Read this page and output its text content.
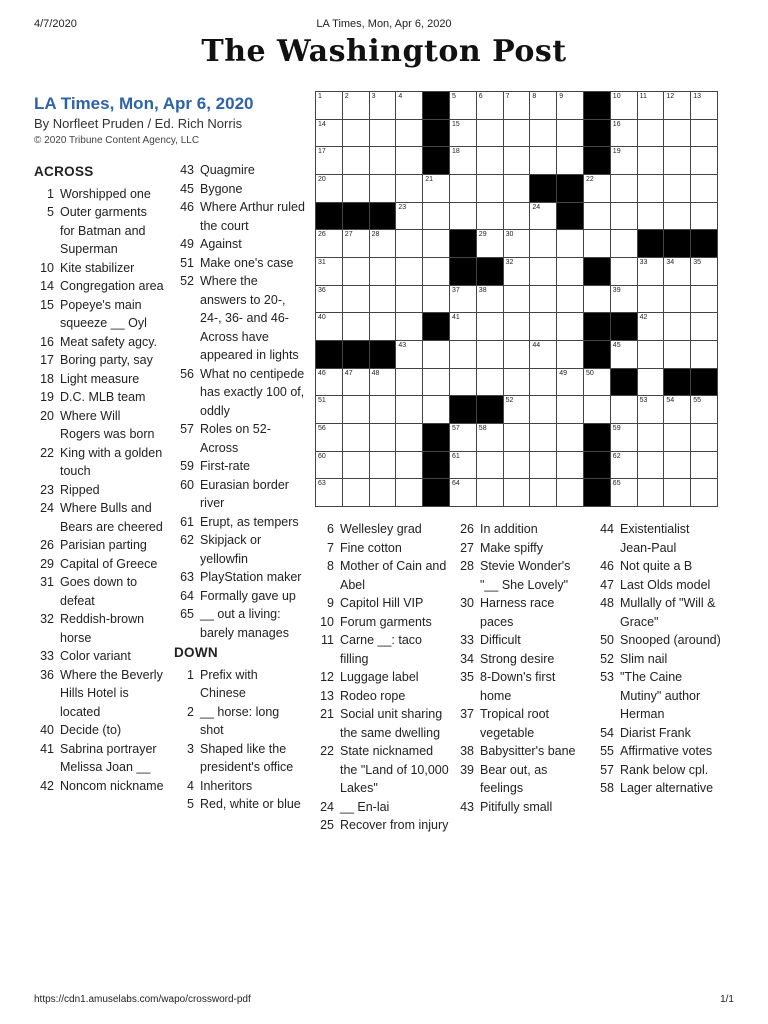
4/7/2020	LA Times, Mon, Apr 6, 2020
The Washington Post
LA Times, Mon, Apr 6, 2020
By Norfleet Pruden / Ed. Rich Norris
© 2020 Tribune Content Agency, LLC
ACROSS
1 Worshipped one
5 Outer garments for Batman and Superman
10 Kite stabilizer
14 Congregation area
15 Popeye's main squeeze __ Oyl
16 Meat safety agcy.
17 Boring party, say
18 Light measure
19 D.C. MLB team
20 Where Will Rogers was born
22 King with a golden touch
23 Ripped
24 Where Bulls and Bears are cheered
26 Parisian parting
29 Capital of Greece
31 Goes down to defeat
32 Reddish-brown horse
33 Color variant
36 Where the Beverly Hills Hotel is located
40 Decide (to)
41 Sabrina portrayer Melissa Joan __
42 Noncom nickname
43 Quagmire
45 Bygone
46 Where Arthur ruled the court
49 Against
51 Make one's case
52 Where the answers to 20-, 24-, 36- and 46-Across have appeared in lights
56 What no centipede has exactly 100 of, oddly
57 Roles on 52-Across
59 First-rate
60 Eurasian border river
61 Erupt, as tempers
62 Skipjack or yellowfin
63 PlayStation maker
64 Formally gave up
65 __ out a living: barely manages
DOWN
1 Prefix with Chinese
2 __ horse: long shot
3 Shaped like the president's office
4 Inheritors
5 Red, white or blue
6 Wellesley grad
7 Fine cotton
8 Mother of Cain and Abel
9 Capitol Hill VIP
10 Forum garments
11 Carne __: taco filling
12 Luggage label
13 Rodeo rope
21 Social unit sharing the same dwelling
22 State nicknamed the "Land of 10,000 Lakes"
24 __ En-lai
25 Recover from injury
26 In addition
27 Make spiffy
28 Stevie Wonder's "__ She Lovely"
30 Harness race paces
33 Difficult
34 Strong desire
35 8-Down's first home
37 Tropical root vegetable
38 Babysitter's bane
39 Bear out, as feelings
43 Pitifully small
44 Existentialist Jean-Paul
46 Not quite a B
47 Last Olds model
48 Mullally of "Will & Grace"
50 Snooped (around)
52 Slim nail
53 "The Caine Mutiny" author Herman
54 Diarist Frank
55 Affirmative votes
57 Rank below cpl.
58 Lager alternative
1	2	3	4	5	6	7	8	9	10	11	12	13
14	15	16
17	18	19
20	21	22
23	24
26	27	28	29	30
31	32	33	34	35
36	37	38	39
40	41	42
43	44	45
46	47	48	49	50
51	52	53	54	55
56	57	58	59
60	61	62
63	64	65
https://cdn1.amuselabs.com/wapo/crossword-pdf	1/1
